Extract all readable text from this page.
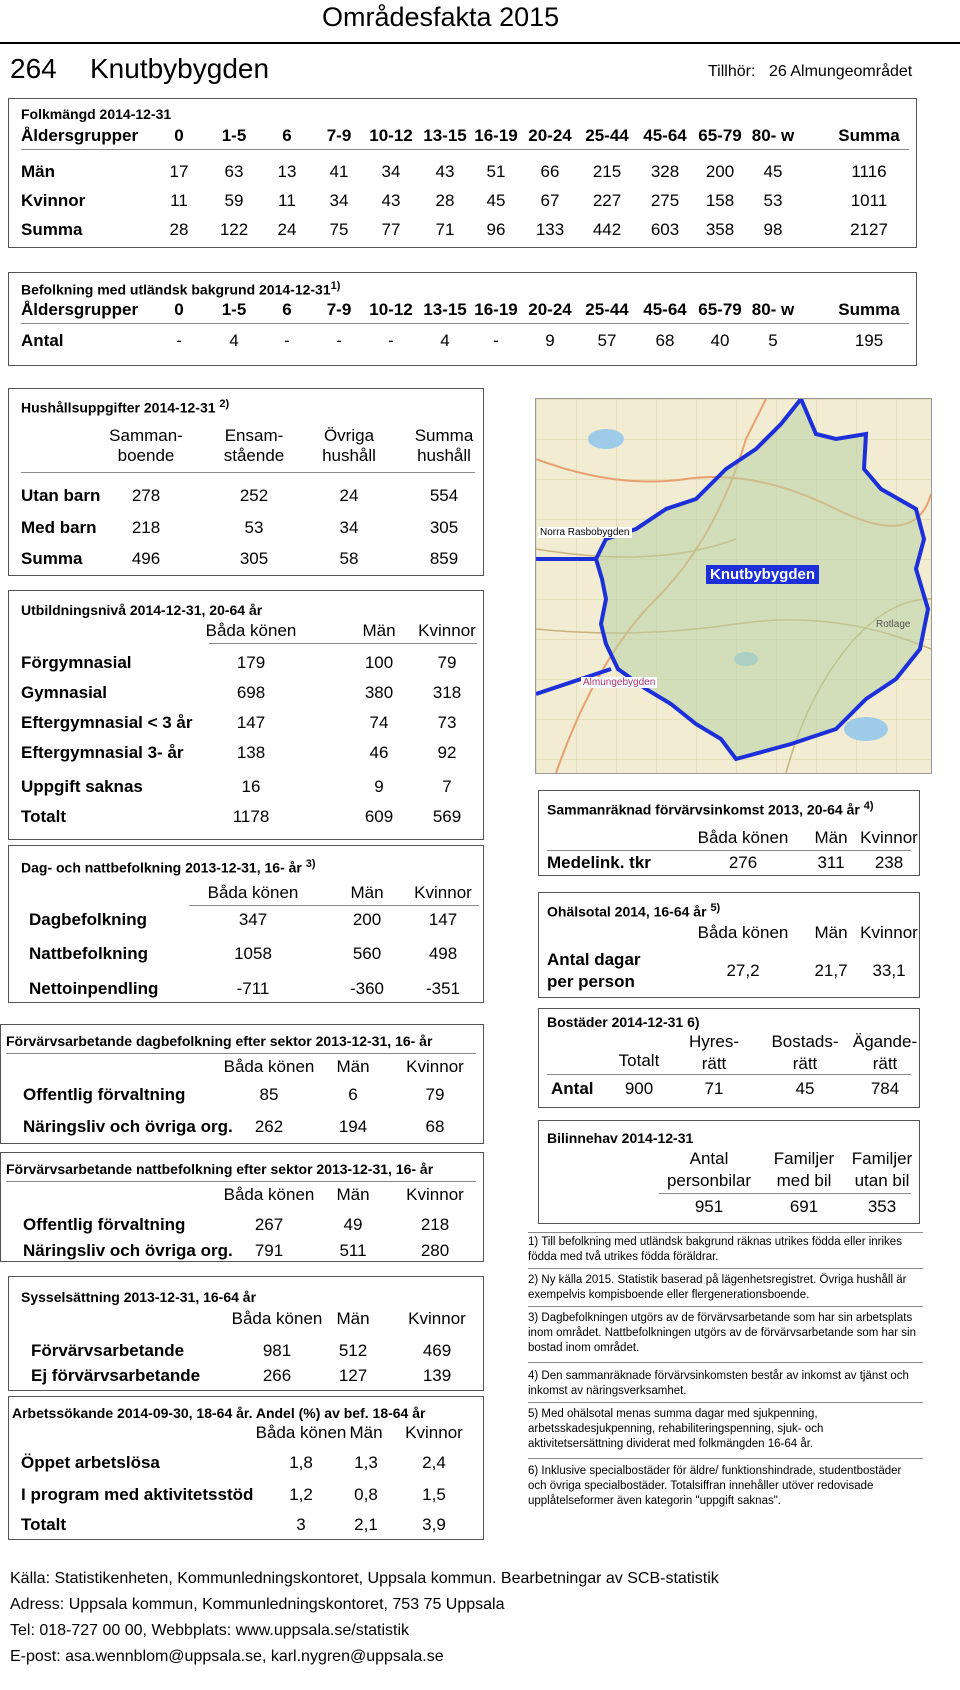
Områdesfakta 2015
264 Knutbybygden	Tillhör: 26 Almungeområdet
Folkmängd 2014-12-31
Åldersgrupper	0	1-5	6	7-9	10-12 13-15 16-19 20-24 25-44 45-64 65-79 80- w	Summa
Män	17	63	13	41	34	43	51	66	215	328	200	45	1116
Kvinnor	11	59	11	34	43	28	45	67	227	275	158	53	1011
Summa	28	122	24	75	77	71	96	133	442	603	358	98	2127
Befolkning med utländsk bakgrund 2014-12-31$^{1)}$
Åldersgrupper	0	1-5	6	7-9	10-12 13-15 16-19 20-24 25-44 45-64 65-79 80- w	Summa
Antal	-	4	-	-	-	4	-	9	57	68	40	5	195
Hushållsuppgifter 2014-12-31 $^{2)}$
Samman-
boende
Ensam-
stående
Övriga
hushåll
Summa
hushåll
Utan barn	278	252	24	554
Med barn	218	53	34	305
Summa	496	305	58	859
Knutbybygden
Norra Rasbobygden
Almungebygden
Rotlage
Utbildningsnivå 2014-12-31, 20-64 år
Båda könen	Män	Kvinnor
Förgymnasial	179	100	79
Gymnasial	698	380	318
Eftergymnasial < 3 år	147	74	73
Eftergymnasial 3- år	138	46	92
Uppgift saknas	16	9	7
Totalt	1178	609	569
Dag- och nattbefolkning 2013-12-31, 16- år $^{3)}$
Båda könen	Män	Kvinnor
Dagbefolkning	347	200	147
Nattbefolkning	1058	560	498
Nettoinpendling	-711	-360	-351
Förvärvsarbetande dagbefolkning efter sektor 2013-12-31, 16- år
Båda könen	Män	Kvinnor
Offentlig förvaltning	85	6	79
Näringsliv och övriga org.	262	194	68
Förvärvsarbetande nattbefolkning efter sektor 2013-12-31, 16- år
Båda könen	Män	Kvinnor
Offentlig förvaltning	267	49	218
Näringsliv och övriga org.	791	511	280
Sysselsättning 2013-12-31, 16-64 år
Båda könen Män	Kvinnor
Förvärvsarbetande	981	512	469
Ej förvärvsarbetande	266	127	139
Arbetssökande 2014-09-30, 18-64 år. Andel (%) av bef. 18-64 år
Båda könen Män	Kvinnor
Öppet arbetslösa	1,8	1,3	2,4
I program med aktivitetsstöd	1,2	0,8	1,5
Totalt	3	2,1	3,9
Sammanräknad förvärvsinkomst 2013, 20-64 år $^{4)}$
Båda könen	Män Kvinnor
Medelink. tkr	276	311	238
Ohälsotal 2014, 16-64 år $^{5)}$
Båda könen	Män Kvinnor
Antal dagar
per person
27,2	21,7	33,1
Bostäder 2014-12-31 6)
Totalt
Hyres-
rätt
Bostads-
rätt
Ägande-
rätt
Antal	900	71	45	784
Bilinnehav 2014-12-31
Antal
personbilar
Familjer
med bil
Familjer
utan bil
951	691	353
1) Till befolkning med utländsk bakgrund räknas utrikes födda eller inrikes födda med två utrikes födda föräldrar.
2) Ny källa 2015. Statistik baserad på lägenhetsregistret. Övriga hushåll är exempelvis kompisboende eller flergenerationsboende.
3) Dagbefolkningen utgörs av de förvärvsarbetande som har sin arbetsplats inom området. Nattbefolkningen utgörs av de förvärvsarbetande som har sin bostad inom området.
4) Den sammanräknade förvärvsinkomsten består av inkomst av tjänst och inkomst av näringsverksamhet.
5) Med ohälsotal menas summa dagar med sjukpenning, arbetsskadesjukpenning, rehabiliteringspenning, sjuk- och aktivitetsersättning dividerat med folkmängden 16-64 år.
6) Inklusive specialbostäder för äldre/ funktionshindrade, studentbostäder och övriga specialbostäder. Totalsiffran innehåller utöver redovisade upplåtelseformer även kategorin "uppgift saknas".
Källa: Statistikenheten, Kommunledningskontoret, Uppsala kommun. Bearbetningar av SCB-statistik
Adress: Uppsala kommun, Kommunledningskontoret, 753 75 Uppsala
Tel: 018-727 00 00, Webbplats: www.uppsala.se/statistik
E-post: asa.wennblom@uppsala.se, karl.nygren@uppsala.se
